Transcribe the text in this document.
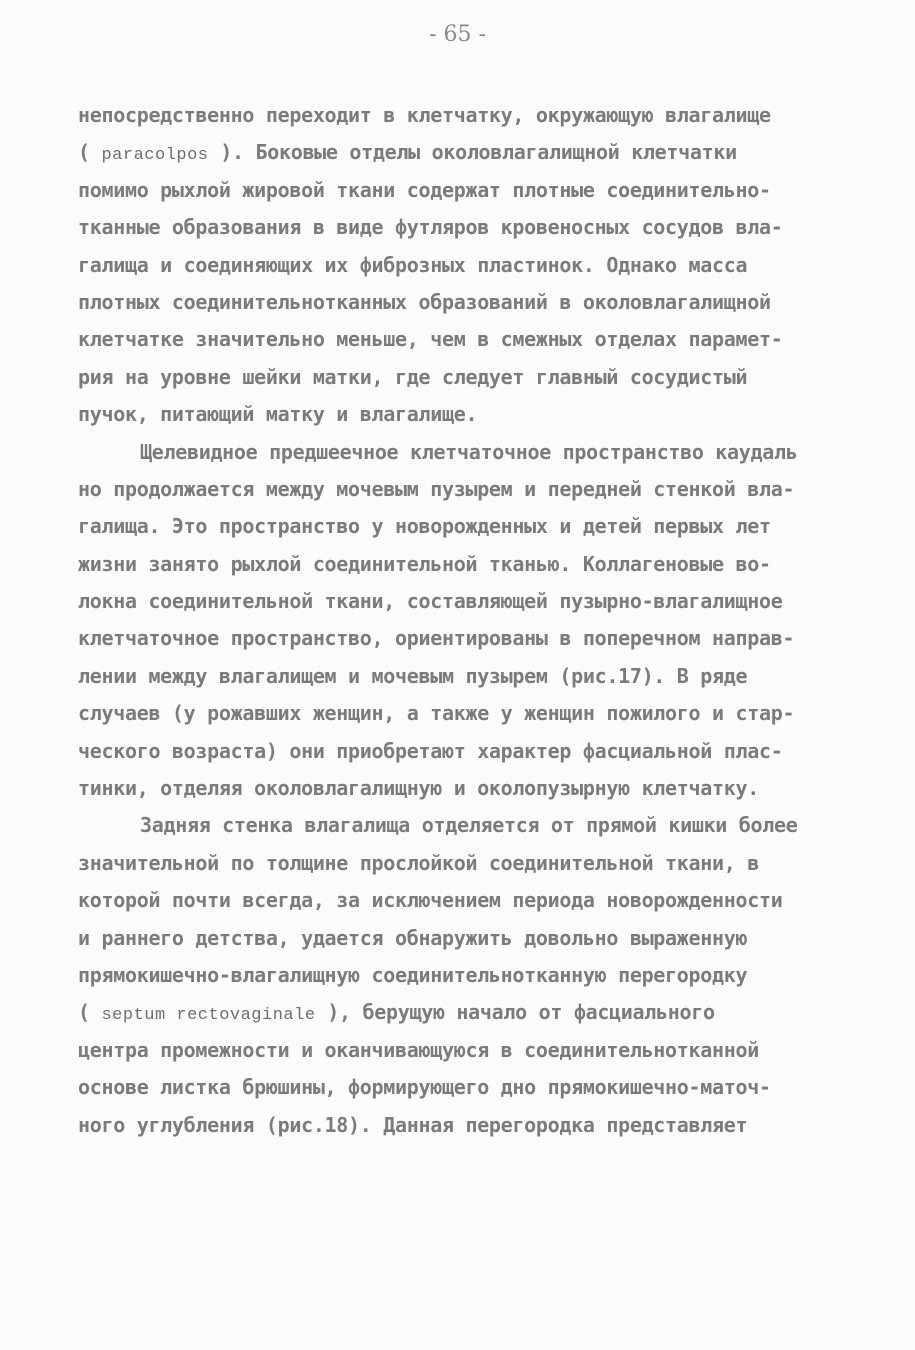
- 65 -
непосредственно переходит в клетчатку, окружающую влагалище
( paracolpos ). Боковые отделы околовлагалищной клетчатки
помимо рыхлой жировой ткани содержат плотные соединительно-
тканные образования в виде футляров кровеносных сосудов вла-
галища и соединяющих их фиброзных пластинок. Однако масса
плотных соединительнотканных образований в околовлагалищной
клетчатке значительно меньше, чем в смежных отделах парамет-
рия на уровне шейки матки, где следует главный сосудистый
пучок, питающий матку и влагалище.
Щелевидное предшеечное клетчаточное пространство каудаль
но продолжается между мочевым пузырем и передней стенкой вла-
галища. Это пространство у новорожденных и детей первых лет
жизни занято рыхлой соединительной тканью. Коллагеновые во-
локна соединительной ткани, составляющей пузырно-влагалищное
клетчаточное пространство, ориентированы в поперечном направ-
лении между влагалищем и мочевым пузырем (рис.17). В ряде
случаев (у рожавших женщин, а также у женщин пожилого и стар-
ческого возраста) они приобретают характер фасциальной плас-
тинки, отделяя околовлагалищную и околопузырную клетчатку.
Задняя стенка влагалища отделяется от прямой кишки более
значительной по толщине прослойкой соединительной ткани, в
которой почти всегда, за исключением периода новорожденности
и раннего детства, удается обнаружить довольно выраженную
прямокишечно-влагалищную соединительнотканную перегородку
( septum rectovaginale ), берущую начало от фасциального
центра промежности и оканчивающуюся в соединительнотканной
основе листка брюшины, формирующего дно прямокишечно-маточ-
ного углубления (рис.18). Данная перегородка представляет
